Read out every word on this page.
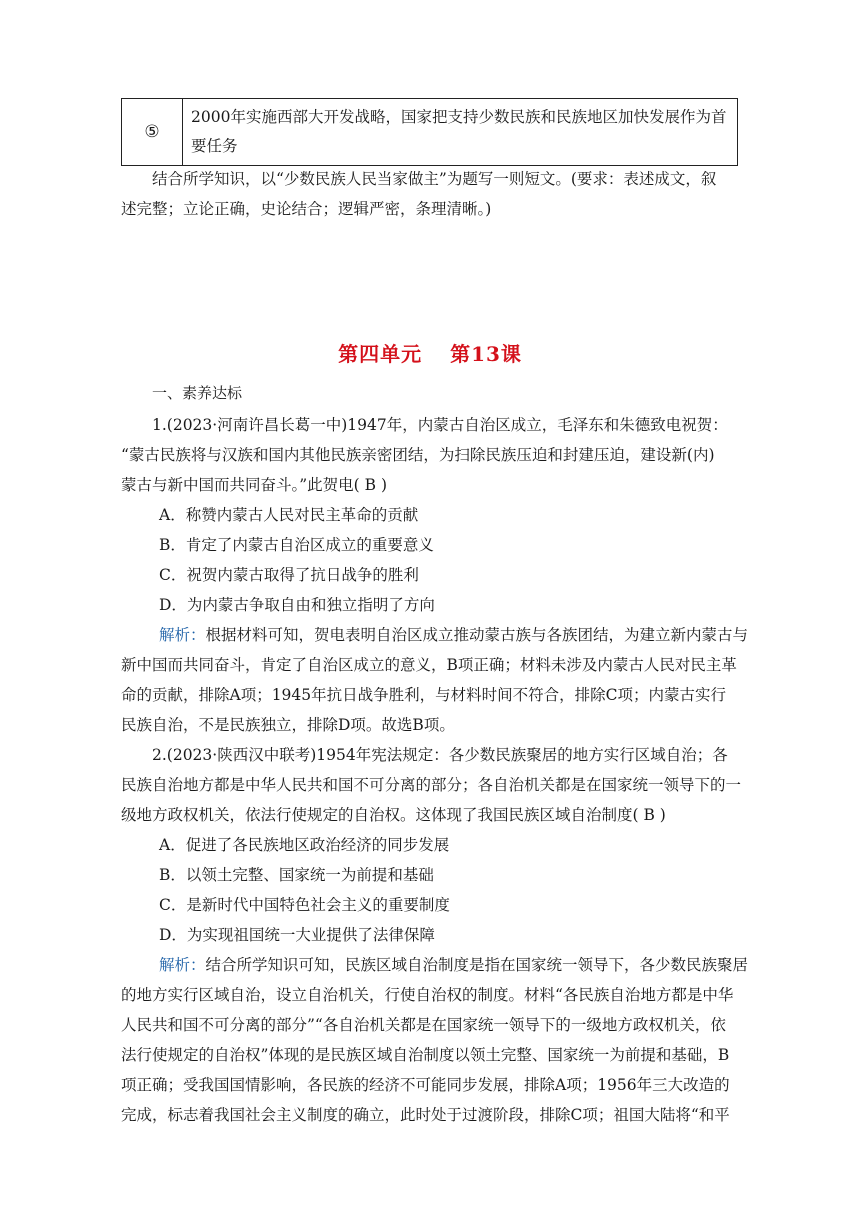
⑤	2000年实施西部大开发战略，国家把支持少数民族和民族地区加快发展作为首要任务
结合所学知识，以“少数民族人民当家做主”为题写一则短文。(要求：表述成文，叙
述完整；立论正确，史论结合；逻辑严密，条理清晰。)
第四单元 第13课
一、素养达标
1.(2023·河南许昌长葛一中)1947年，内蒙古自治区成立，毛泽东和朱德致电祝贺：
“蒙古民族将与汉族和国内其他民族亲密团结，为扫除民族压迫和封建压迫，建设新(内)
蒙古与新中国而共同奋斗。”此贺电( B )
A．称赞内蒙古人民对民主革命的贡献
B．肯定了内蒙古自治区成立的重要意义
C．祝贺内蒙古取得了抗日战争的胜利
D．为内蒙古争取自由和独立指明了方向
解析：根据材料可知，贺电表明自治区成立推动蒙古族与各族团结，为建立新内蒙古与
新中国而共同奋斗，肯定了自治区成立的意义，B项正确；材料未涉及内蒙古人民对民主革
命的贡献，排除A项；1945年抗日战争胜利，与材料时间不符合，排除C项；内蒙古实行
民族自治，不是民族独立，排除D项。故选B项。
2.(2023·陕西汉中联考)1954年宪法规定：各少数民族聚居的地方实行区域自治；各
民族自治地方都是中华人民共和国不可分离的部分；各自治机关都是在国家统一领导下的一
级地方政权机关，依法行使规定的自治权。这体现了我国民族区域自治制度( B )
A．促进了各民族地区政治经济的同步发展
B．以领土完整、国家统一为前提和基础
C．是新时代中国特色社会主义的重要制度
D．为实现祖国统一大业提供了法律保障
解析：结合所学知识可知，民族区域自治制度是指在国家统一领导下，各少数民族聚居
的地方实行区域自治，设立自治机关，行使自治权的制度。材料“各民族自治地方都是中华
人民共和国不可分离的部分”“各自治机关都是在国家统一领导下的一级地方政权机关，依
法行使规定的自治权”体现的是民族区域自治制度以领土完整、国家统一为前提和基础，B
项正确；受我国国情影响，各民族的经济不可能同步发展，排除A项；1956年三大改造的
完成，标志着我国社会主义制度的确立，此时处于过渡阶段，排除C项；祖国大陆将“和平
